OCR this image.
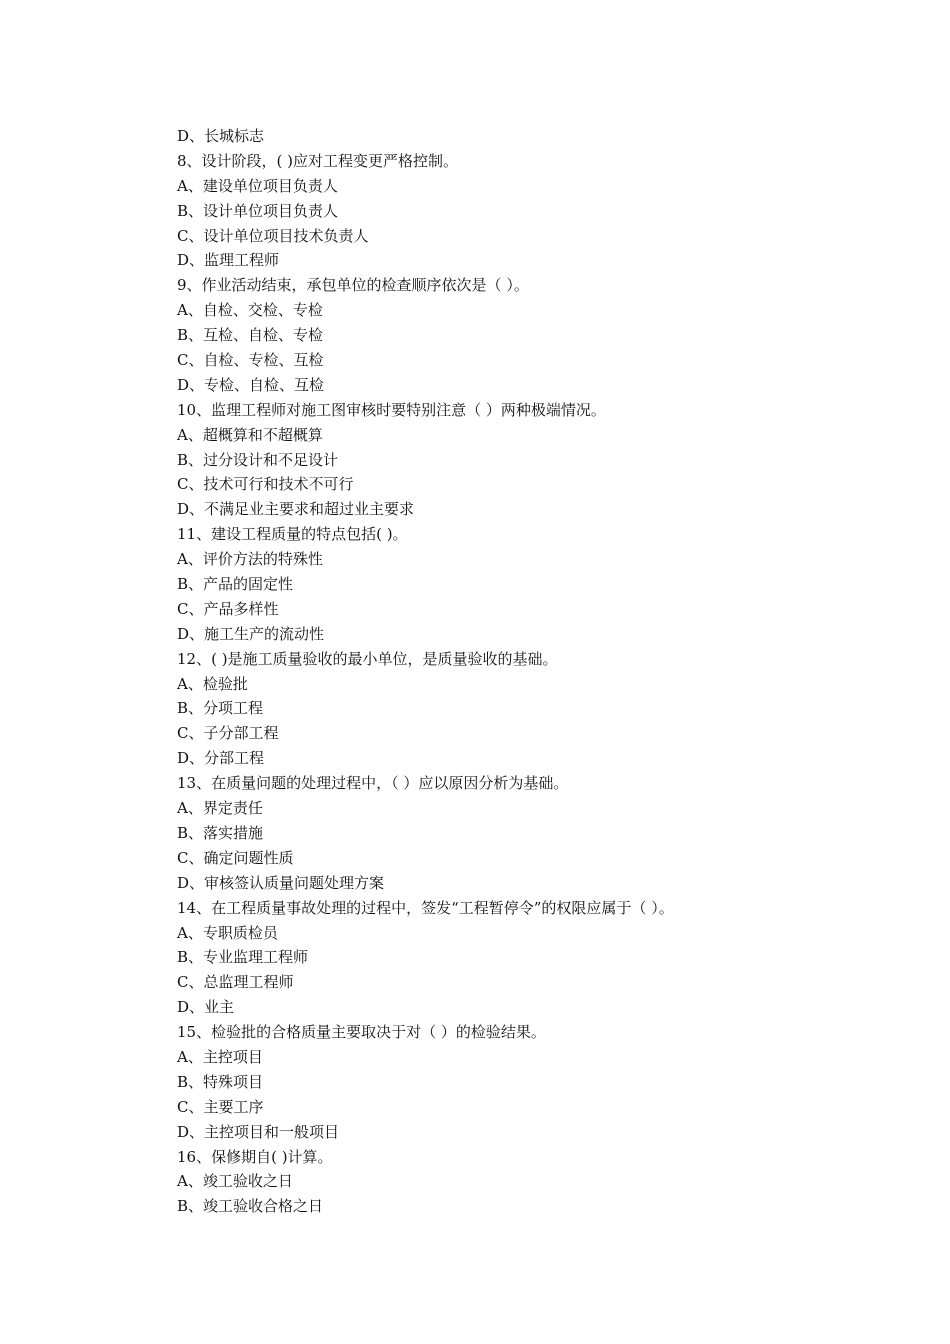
D、长城标志

8、设计阶段，( )应对工程变更严格控制。

A、建设单位项目负责人

B、设计单位项目负责人

C、设计单位项目技术负责人

D、监理工程师

9、作业活动结束，承包单位的检查顺序依次是（ ）。

A、自检、交检、专检

B、互检、自检、专检

C、自检、专检、互检

D、专检、自检、互检

10、监理工程师对施工图审核时要特别注意（ ）两种极端情况。

A、超概算和不超概算

B、过分设计和不足设计

C、技术可行和技术不可行

D、不满足业主要求和超过业主要求

11、建设工程质量的特点包括( )。

A、评价方法的特殊性

B、产品的固定性

C、产品多样性

D、施工生产的流动性

12、( )是施工质量验收的最小单位，是质量验收的基础。

A、检验批

B、分项工程

C、子分部工程

D、分部工程

13、在质量问题的处理过程中，（ ）应以原因分析为基础。

A、界定责任

B、落实措施

C、确定问题性质

D、审核签认质量问题处理方案

14、在工程质量事故处理的过程中，签发“工程暂停令”的权限应属于（ ）。

A、专职质检员

B、专业监理工程师

C、总监理工程师

D、业主

15、检验批的合格质量主要取决于对（ ）的检验结果。

A、主控项目

B、特殊项目

C、主要工序

D、主控项目和一般项目

16、保修期自( )计算。

A、竣工验收之日

B、竣工验收合格之日
